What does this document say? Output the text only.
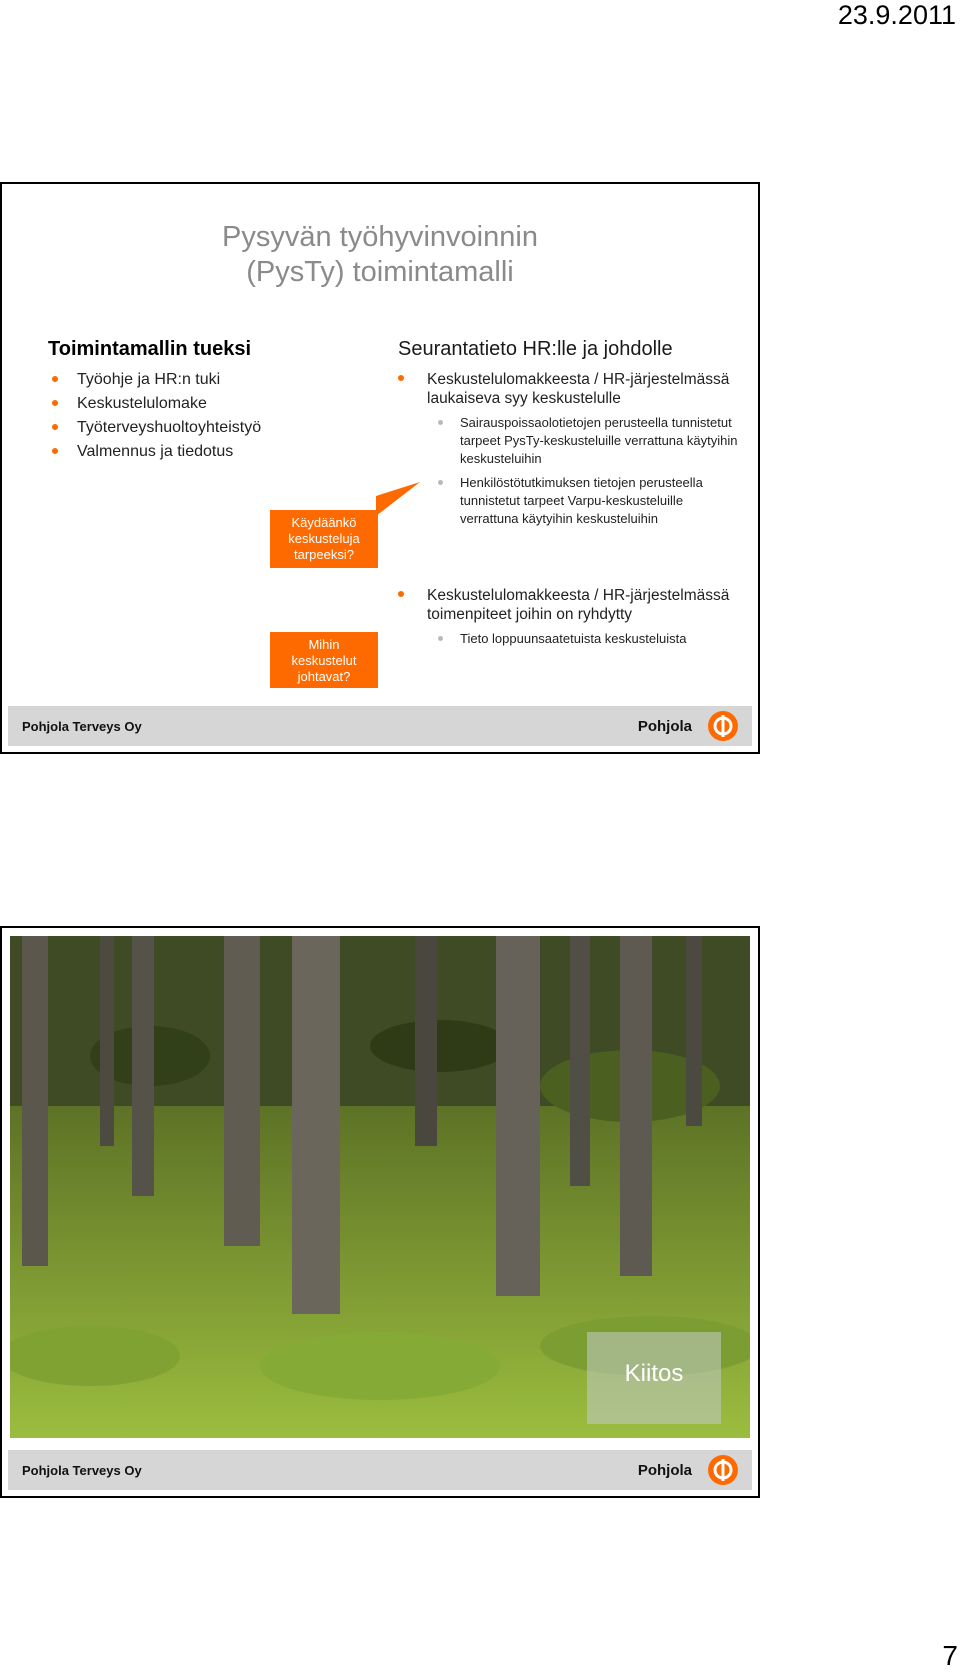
23.9.2011
Pysyvän työhyvinvoinnin
(PysTy) toimintamalli
Toimintamallin tueksi
Työohje ja HR:n tuki
Keskustelulomake
Työterveyshuoltoyhteistyö
Valmennus ja tiedotus
Käydäänkö
keskusteluja
tarpeeksi?
Mihin
keskustelut
johtavat?
Seurantatieto HR:lle ja johdolle
Keskustelulomakkeesta / HR-järjestelmässä laukaiseva syy keskustelulle
Sairauspoissaolotietojen perusteella tunnistetut tarpeet PysTy-keskusteluille verrattuna käytyihin keskusteluihin
Henkilöstötutkimuksen tietojen perusteella tunnistetut tarpeet Varpu-keskusteluille verrattuna käytyihin keskusteluihin
Keskustelulomakkeesta / HR-järjestelmässä toimenpiteet joihin on ryhdytty
Tieto loppuunsaatetuista keskusteluista
Pohjola Terveys Oy	Pohjola
Kiitos
Pohjola Terveys Oy	Pohjola
7
